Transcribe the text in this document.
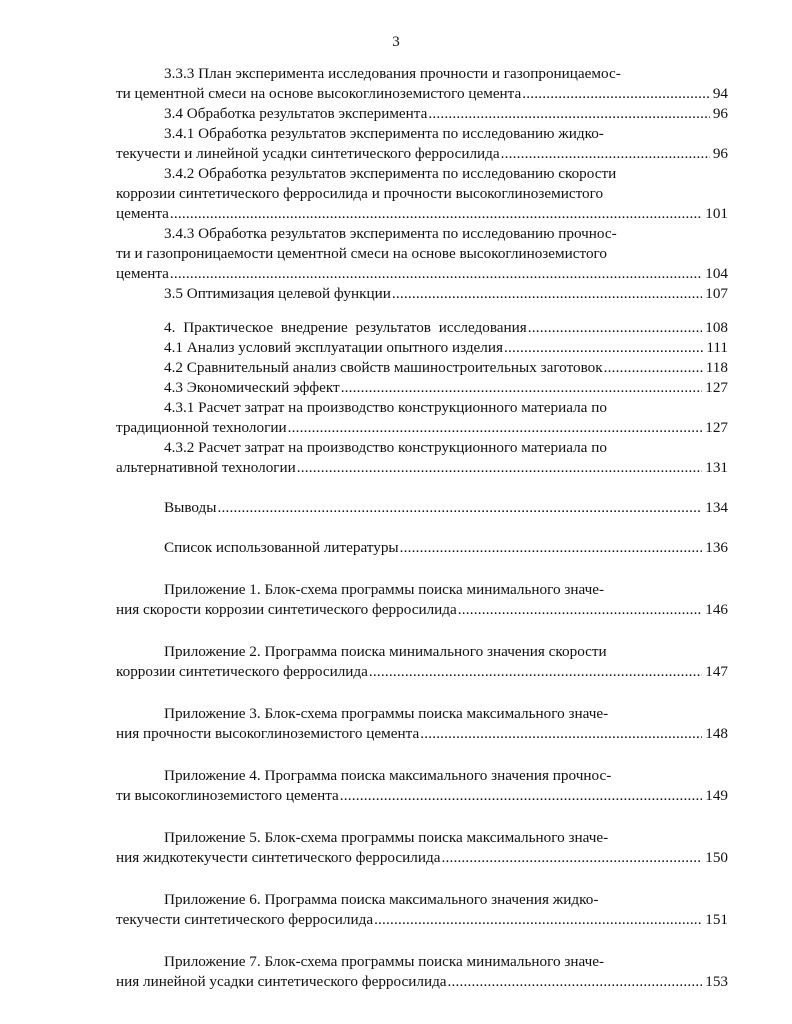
3
3.3.3 План эксперимента исследования прочности и газопроницаемос-
ти цементной смеси на основе высокоглиноземистого цемента .....	94
3.4 Обработка результатов эксперимента .....	96
3.4.1 Обработка результатов эксперимента по исследованию жидко-
текучести и линейной усадки синтетического ферросилида .....	96
3.4.2 Обработка результатов эксперимента по исследованию скорости
коррозии синтетического ферросилида и прочности высокоглиноземистого
цемента .....	101
3.4.3 Обработка результатов эксперимента по исследованию прочнос-
ти и газопроницаемости цементной смеси на основе высокоглиноземистого
цемента .....	104
3.5 Оптимизация целевой функции .....	107
4. Практическое внедрение результатов исследования .....	108
4.1 Анализ условий эксплуатации опытного изделия .....	111
4.2 Сравнительный анализ свойств машиностроительных заготовок .....	118
4.3 Экономический эффект .....	127
4.3.1 Расчет затрат на производство конструкционного материала по
традиционной технологии .....	127
4.3.2 Расчет затрат на производство конструкционного материала по
альтернативной технологии .....	131
Выводы .....	134
Список использованной литературы .....	136
Приложение 1. Блок-схема программы поиска минимального значе-
ния скорости коррозии синтетического ферросилида .....	146
Приложение 2. Программа поиска минимального значения скорости
коррозии синтетического ферросилида .....	147
Приложение 3. Блок-схема программы поиска максимального значе-
ния прочности высокоглиноземистого цемента .....	148
Приложение 4. Программа поиска максимального значения прочнос-
ти высокоглиноземистого цемента .....	149
Приложение 5. Блок-схема программы поиска максимального значе-
ния жидкотекучести синтетического ферросилида .....	150
Приложение 6. Программа поиска максимального значения жидко-
текучести синтетического ферросилида .....	151
Приложение 7. Блок-схема программы поиска минимального значе-
ния линейной усадки синтетического ферросилида .....	153
